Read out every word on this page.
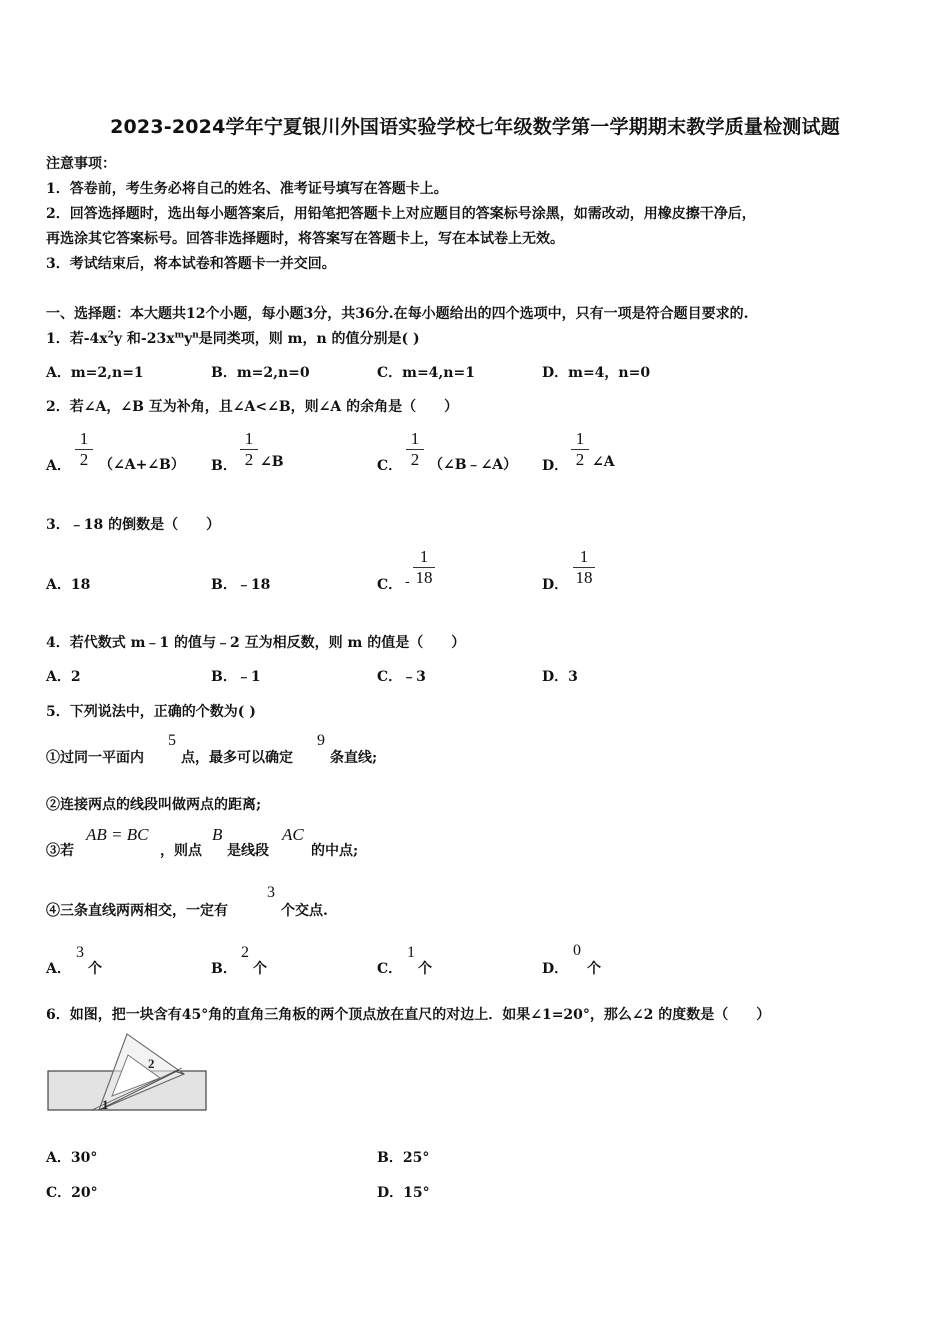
2023-2024学年宁夏银川外国语实验学校七年级数学第一学期期末教学质量检测试题
注意事项：
1．答卷前，考生务必将自己的姓名、准考证号填写在答题卡上。
2．回答选择题时，选出每小题答案后，用铅笔把答题卡上对应题目的答案标号涂黑，如需改动，用橡皮擦干净后，
再选涂其它答案标号。回答非选择题时，将答案写在答题卡上，写在本试卷上无效。
3．考试结束后，将本试卷和答题卡一并交回。
一、选择题：本大题共12个小题，每小题3分，共36分.在每小题给出的四个选项中，只有一项是符合题目要求的.
1．若$-4x^2y$ 和$-23x^my^n$是同类项，则 m，n 的值分别是( )
A．m=2,n=1	B．m=2,n=0	C．m=4,n=1	D．m=4，n=0
2．若∠A，∠B 互为补角，且∠A<∠B，则∠A 的余角是（　　）
A．
1
2 （∠A+∠B） B．
1
2 ∠B	C．
1
2 （∠B﹣∠A） D．
1
2 ∠A
3．﹣18 的倒数是（　　）
A．18	B．﹣18	C． -
1
18	D．
1
18
4．若代数式 m﹣1 的值与﹣2 互为相反数，则 m 的值是（　　）
A．2	B．﹣1	C．﹣3	D．3
5．下列说法中，正确的个数为( )
①过同一平面内
5
点，最多可以确定
9
条直线;
②连接两点的线段叫做两点的距离;
③若
AB = BC
，则点
B
是线段
AC
的中点;
④三条直线两两相交，一定有
3
个交点.
A．
3
个	B．
2
个	C．
1
个	D．
0
个
6．如图，把一块含有45°角的直角三角板的两个顶点放在直尺的对边上．如果∠1=20°，那么∠2 的度数是（　　）
2
1
A．30°	B．25°
C．20°	D．15°
